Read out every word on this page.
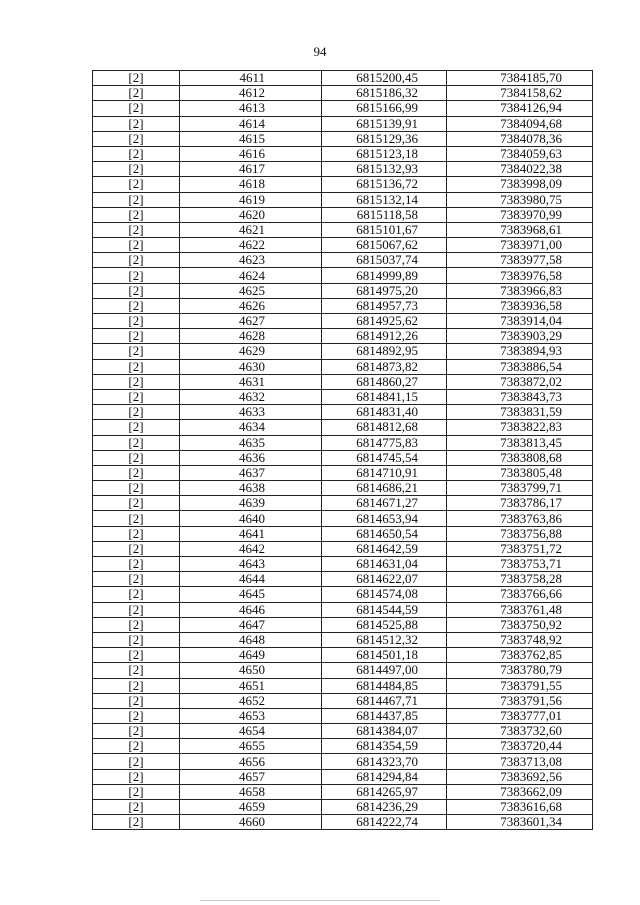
94
[2]	4611	6815200,45	7384185,70
[2]	4612	6815186,32	7384158,62
[2]	4613	6815166,99	7384126,94
[2]	4614	6815139,91	7384094,68
[2]	4615	6815129,36	7384078,36
[2]	4616	6815123,18	7384059,63
[2]	4617	6815132,93	7384022,38
[2]	4618	6815136,72	7383998,09
[2]	4619	6815132,14	7383980,75
[2]	4620	6815118,58	7383970,99
[2]	4621	6815101,67	7383968,61
[2]	4622	6815067,62	7383971,00
[2]	4623	6815037,74	7383977,58
[2]	4624	6814999,89	7383976,58
[2]	4625	6814975,20	7383966,83
[2]	4626	6814957,73	7383936,58
[2]	4627	6814925,62	7383914,04
[2]	4628	6814912,26	7383903,29
[2]	4629	6814892,95	7383894,93
[2]	4630	6814873,82	7383886,54
[2]	4631	6814860,27	7383872,02
[2]	4632	6814841,15	7383843,73
[2]	4633	6814831,40	7383831,59
[2]	4634	6814812,68	7383822,83
[2]	4635	6814775,83	7383813,45
[2]	4636	6814745,54	7383808,68
[2]	4637	6814710,91	7383805,48
[2]	4638	6814686,21	7383799,71
[2]	4639	6814671,27	7383786,17
[2]	4640	6814653,94	7383763,86
[2]	4641	6814650,54	7383756,88
[2]	4642	6814642,59	7383751,72
[2]	4643	6814631,04	7383753,71
[2]	4644	6814622,07	7383758,28
[2]	4645	6814574,08	7383766,66
[2]	4646	6814544,59	7383761,48
[2]	4647	6814525,88	7383750,92
[2]	4648	6814512,32	7383748,92
[2]	4649	6814501,18	7383762,85
[2]	4650	6814497,00	7383780,79
[2]	4651	6814484,85	7383791,55
[2]	4652	6814467,71	7383791,56
[2]	4653	6814437,85	7383777,01
[2]	4654	6814384,07	7383732,60
[2]	4655	6814354,59	7383720,44
[2]	4656	6814323,70	7383713,08
[2]	4657	6814294,84	7383692,56
[2]	4658	6814265,97	7383662,09
[2]	4659	6814236,29	7383616,68
[2]	4660	6814222,74	7383601,34
